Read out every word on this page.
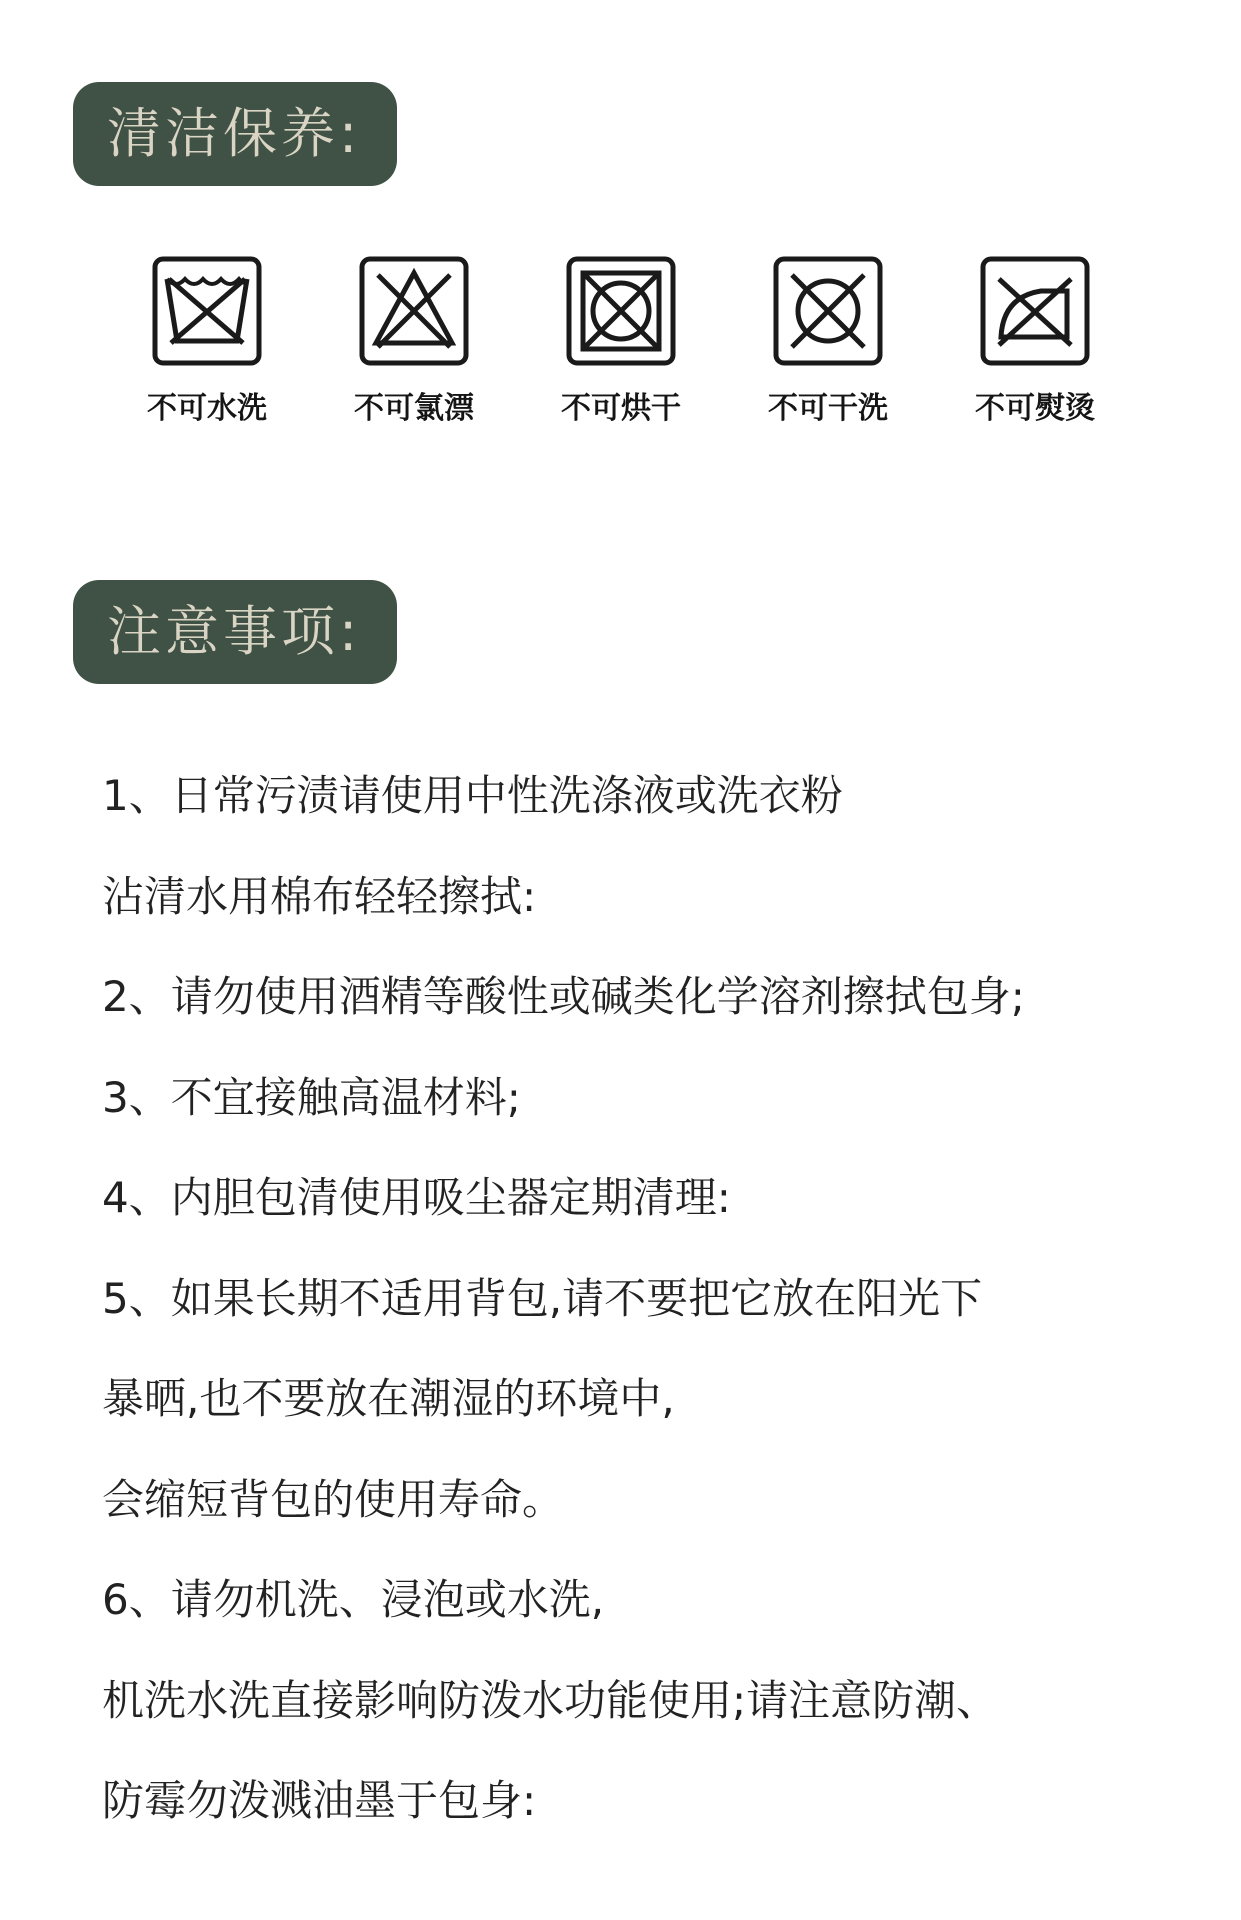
清洁保养:
不可水洗	不可氯漂	不可烘干	不可干洗	不可熨烫
注意事项:
1、日常污渍请使用中性洗涤液或洗衣粉
沾清水用棉布轻轻擦拭:
2、请勿使用酒精等酸性或碱类化学溶剂擦拭包身;
3、不宜接触高温材料;
4、内胆包清使用吸尘器定期清理:
5、如果长期不适用背包,请不要把它放在阳光下
暴晒,也不要放在潮湿的环境中,
会缩短背包的使用寿命。
6、请勿机洗、浸泡或水洗,
机洗水洗直接影响防泼水功能使用;请注意防潮、
防霉勿泼溅油墨于包身:
